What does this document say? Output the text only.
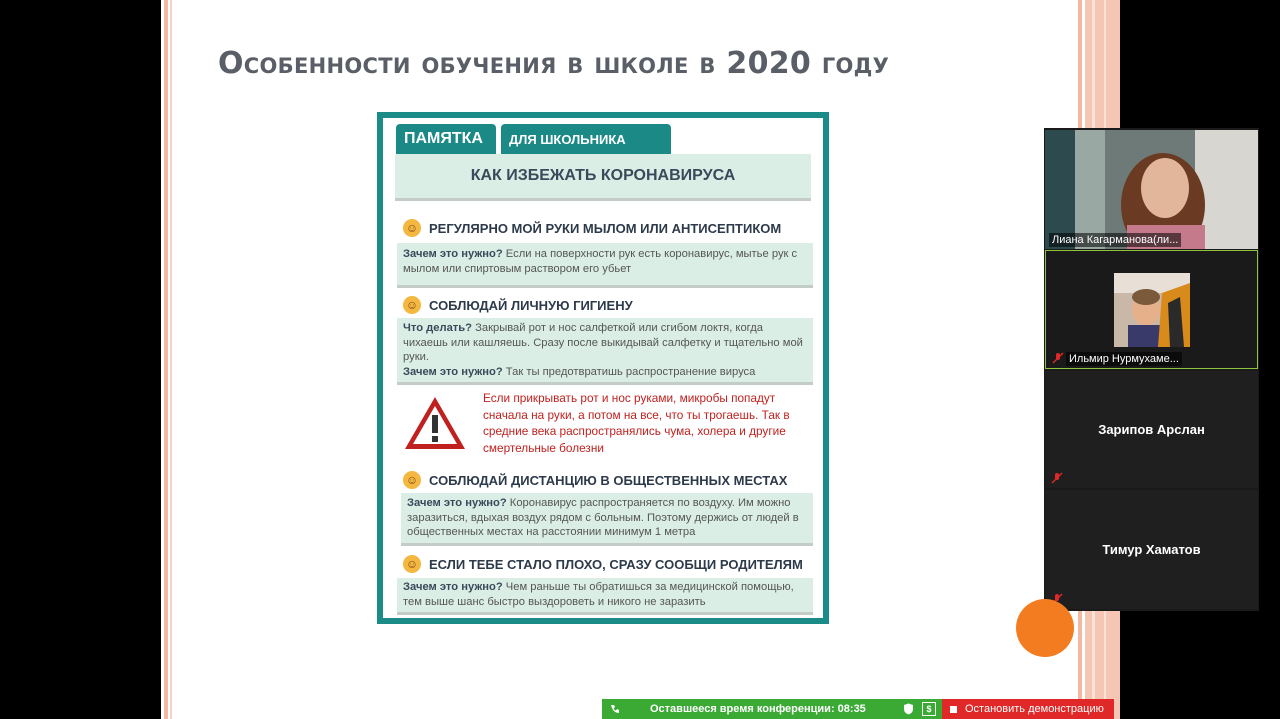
Особенности обучения в школе в 2020 году
ПАМЯТКА	ДЛЯ ШКОЛЬНИКА
КАК ИЗБЕЖАТЬ КОРОНАВИРУСА
☺ РЕГУЛЯРНО МОЙ РУКИ МЫЛОМ ИЛИ АНТИСЕПТИКОМ
Зачем это нужно? Если на поверхности рук есть коронавирус, мытье рук с мылом или спиртовым раствором его убьет
☺ СОБЛЮДАЙ ЛИЧНУЮ ГИГИЕНУ
Что делать? Закрывай рот и нос салфеткой или сгибом локтя, когда чихаешь или кашляешь. Сразу после выкидывай салфетку и тщательно мой руки.
Зачем это нужно? Так ты предотвратишь распространение вируса
Если прикрывать рот и нос руками, микробы попадут сначала на руки, а потом на все, что ты трогаешь. Так в средние века распространялись чума, холера и другие смертельные болезни
☺ СОБЛЮДАЙ ДИСТАНЦИЮ В ОБЩЕСТВЕННЫХ МЕСТАХ
Зачем это нужно? Коронавирус распространяется по воздуху. Им можно заразиться, вдыхая воздух рядом с больным. Поэтому держись от людей в общественных местах на расстоянии минимум 1 метра
☺ ЕСЛИ ТЕБЕ СТАЛО ПЛОХО, СРАЗУ СООБЩИ РОДИТЕЛЯМ
Зачем это нужно? Чем раньше ты обратишься за медицинской помощью, тем выше шанс быстро выздороветь и никого не заразить
Лиана Кагарманова(ли...
Ильмир Нурмухаме...
Зарипов Арслан
Тимур Хаматов
Оставшееся время конференции: 08:35	$	Остановить демонстрацию
